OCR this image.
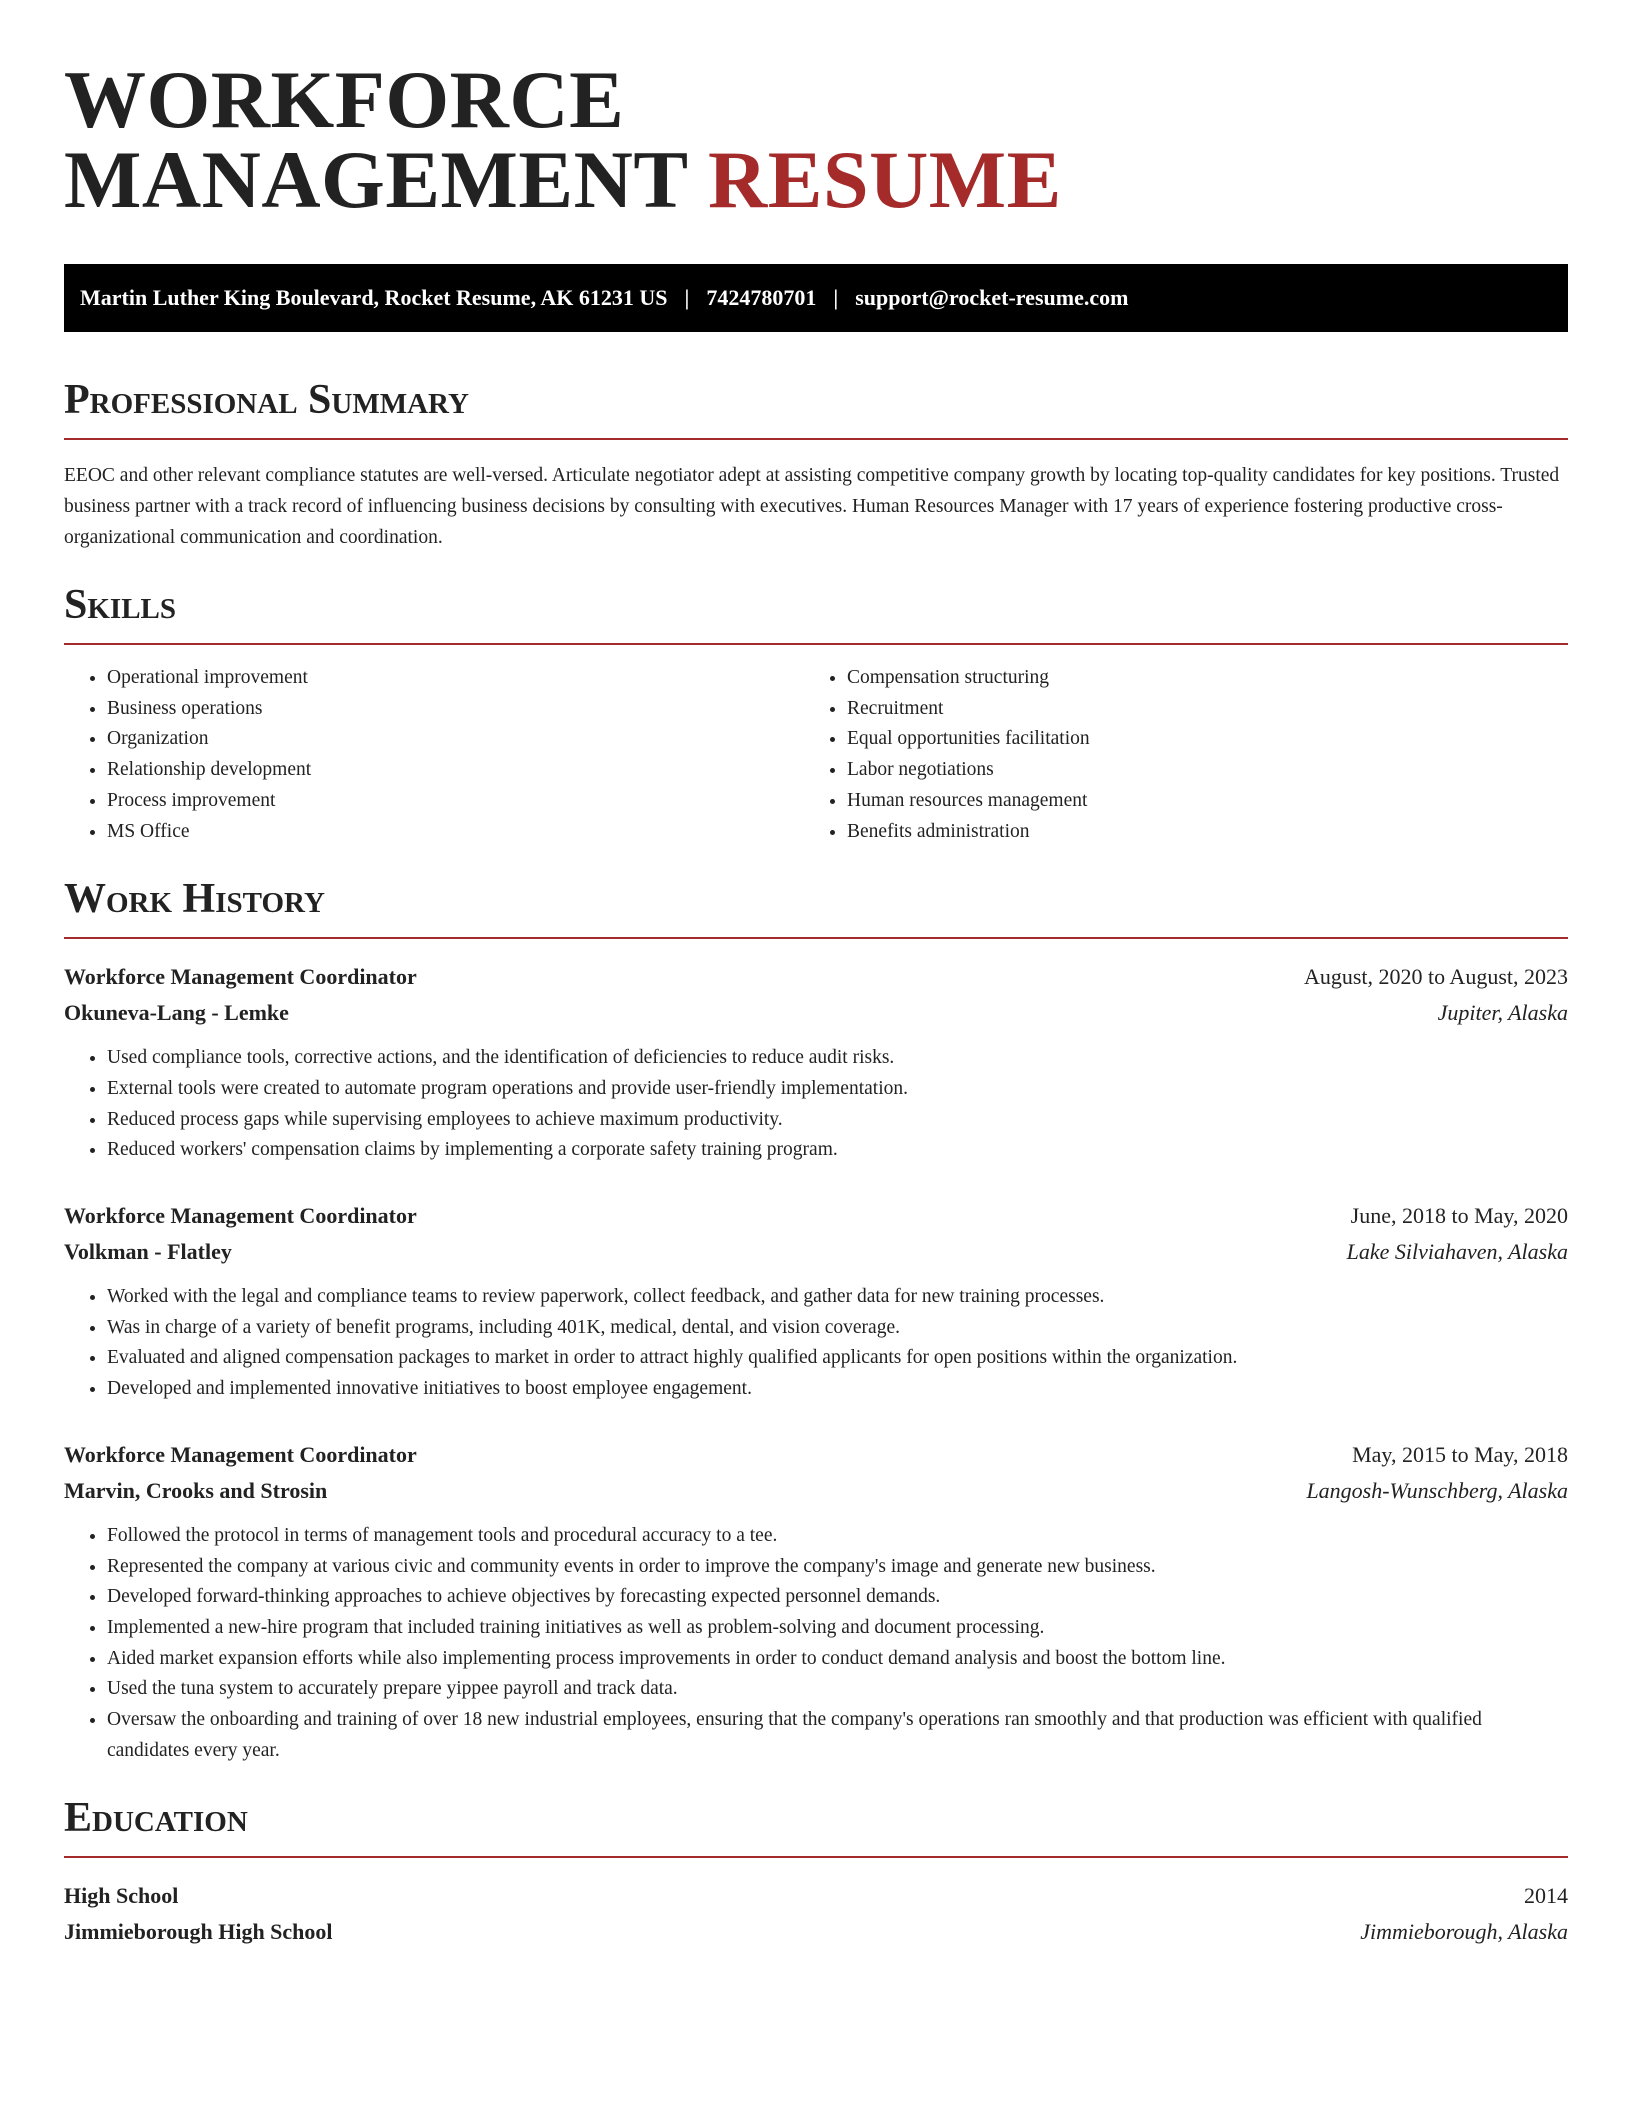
WORKFORCE
MANAGEMENT RESUME
Martin Luther King Boulevard, Rocket Resume, AK 61231 US | 7424780701 | support@rocket-resume.com
Professional Summary

EEOC and other relevant compliance statutes are well-versed. Articulate negotiator adept at assisting competitive company growth by locating top-quality candidates for key positions. Trusted business partner with a track record of influencing business decisions by consulting with executives. Human Resources Manager with 17 years of experience fostering productive cross-organizational communication and coordination.

Skills
• Operational improvement
• Business operations
• Organization
• Relationship development
• Process improvement
• MS Office
• Compensation structuring
• Recruitment
• Equal opportunities facilitation
• Labor negotiations
• Human resources management
• Benefits administration
Work History
Workforce Management Coordinator	August, 2020 to August, 2023
Okuneva-Lang - Lemke	Jupiter, Alaska
• Used compliance tools, corrective actions, and the identification of deficiencies to reduce audit risks.
• External tools were created to automate program operations and provide user-friendly implementation.
• Reduced process gaps while supervising employees to achieve maximum productivity.
• Reduced workers' compensation claims by implementing a corporate safety training program.
Workforce Management Coordinator	June, 2018 to May, 2020
Volkman - Flatley	Lake Silviahaven, Alaska
• Worked with the legal and compliance teams to review paperwork, collect feedback, and gather data for new training processes.
• Was in charge of a variety of benefit programs, including 401K, medical, dental, and vision coverage.
• Evaluated and aligned compensation packages to market in order to attract highly qualified applicants for open positions within the organization.
• Developed and implemented innovative initiatives to boost employee engagement.
Workforce Management Coordinator	May, 2015 to May, 2018
Marvin, Crooks and Strosin	Langosh-Wunschberg, Alaska
• Followed the protocol in terms of management tools and procedural accuracy to a tee.
• Represented the company at various civic and community events in order to improve the company's image and generate new business.
• Developed forward-thinking approaches to achieve objectives by forecasting expected personnel demands.
• Implemented a new-hire program that included training initiatives as well as problem-solving and document processing.
• Aided market expansion efforts while also implementing process improvements in order to conduct demand analysis and boost the bottom line.
• Used the tuna system to accurately prepare yippee payroll and track data.
• Oversaw the onboarding and training of over 18 new industrial employees, ensuring that the company's operations ran smoothly and that production was efficient with qualified candidates every year.
Education
High School	2014
Jimmieborough High School	Jimmieborough, Alaska
